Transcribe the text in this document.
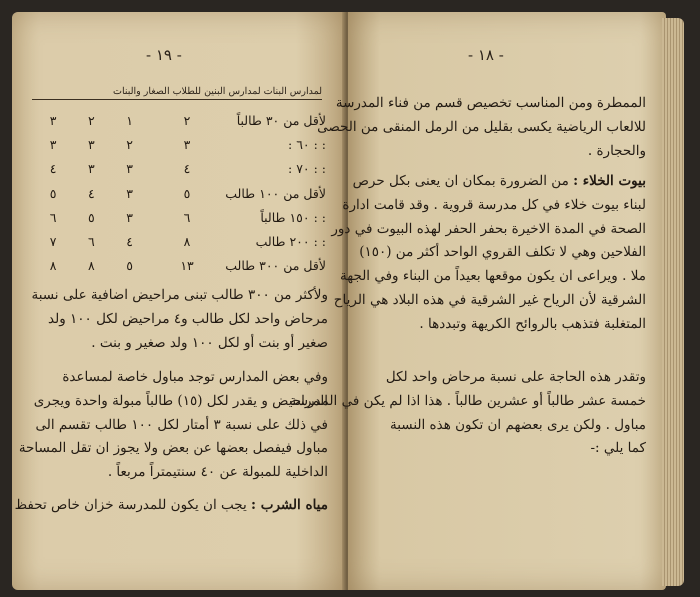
- ١٩ -
لمدارس البنات لمدارس البنين للطلاب الصغار والبنات
لأقل من ٣٠ طالباً	٢	١	٢	٣
: : ٦٠ :	٣	٢	٣	٣
: : ٧٠ :	٤	٣	٣	٤
لأقل من ١٠٠ طالب	٥	٣	٤	٥
: : ١٥٠ طالباً	٦	٣	٥	٦
: : ٢٠٠ طالب	٨	٤	٦	٧
لأقل من ٣٠٠ طالب	١٣	٥	٨	٨
ولأكثر من ٣٠٠ طالب تبنى مراحيض اضافية على نسبة
مرحاض واحد لكل طالب و٤ مراحيض لكل ١٠٠ ولد
صغير أو بنت أو لكل ١٠٠ ولد صغير و بنت .
وفي بعض المدارس توجد مباول خاصة لمساعدة
المراحيض و يقدر لكل (١٥) طالباً مبولة واحدة ويجرى
في ذلك على نسبة ٣ أمتار لكل ١٠٠ طالب تقسم الى
مباول فيفصل بعضها عن بعض ولا يجوز ان تقل المساحة
الداخلية للمبولة عن ٤٠ سنتيمتراً مربعاً .
مياه الشرب : يجب ان يكون للمدرسة خزان خاص تحفظ
- ١٨ -
الممطرة ومن المناسب تخصيص قسم من فناء المدرسة
للالعاب الرياضية يكسى بقليل من الرمل المنقى من الحصى
والحجارة .
بيوت الخلاء : من الضرورة بمكان ان يعنى بكل حرص
لبناء بيوت خلاء في كل مدرسة قروية . وقد قامت ادارة
الصحة في المدة الاخيرة بحفر الحفر لهذه البيوت في دور
الفلاحين وهي لا تكلف القروي الواحد أكثر من (١٥٠)
ملا . ويراعى ان يكون موقعها بعيداً من البناء وفي الجهة
الشرقية لأن الرياح غير الشرقية في هذه البلاد هي الرياح
المتغلبة فتذهب بالروائح الكريهة وتبددها .
وتقدر هذه الحاجة على نسبة مرحاض واحد لكل
خمسة عشر طالباً أو عشرين طالباً . هذا اذا لم يكن في المدرسة
مباول . ولكن يرى بعضهم ان تكون هذه النسبة
كما يلي :-
